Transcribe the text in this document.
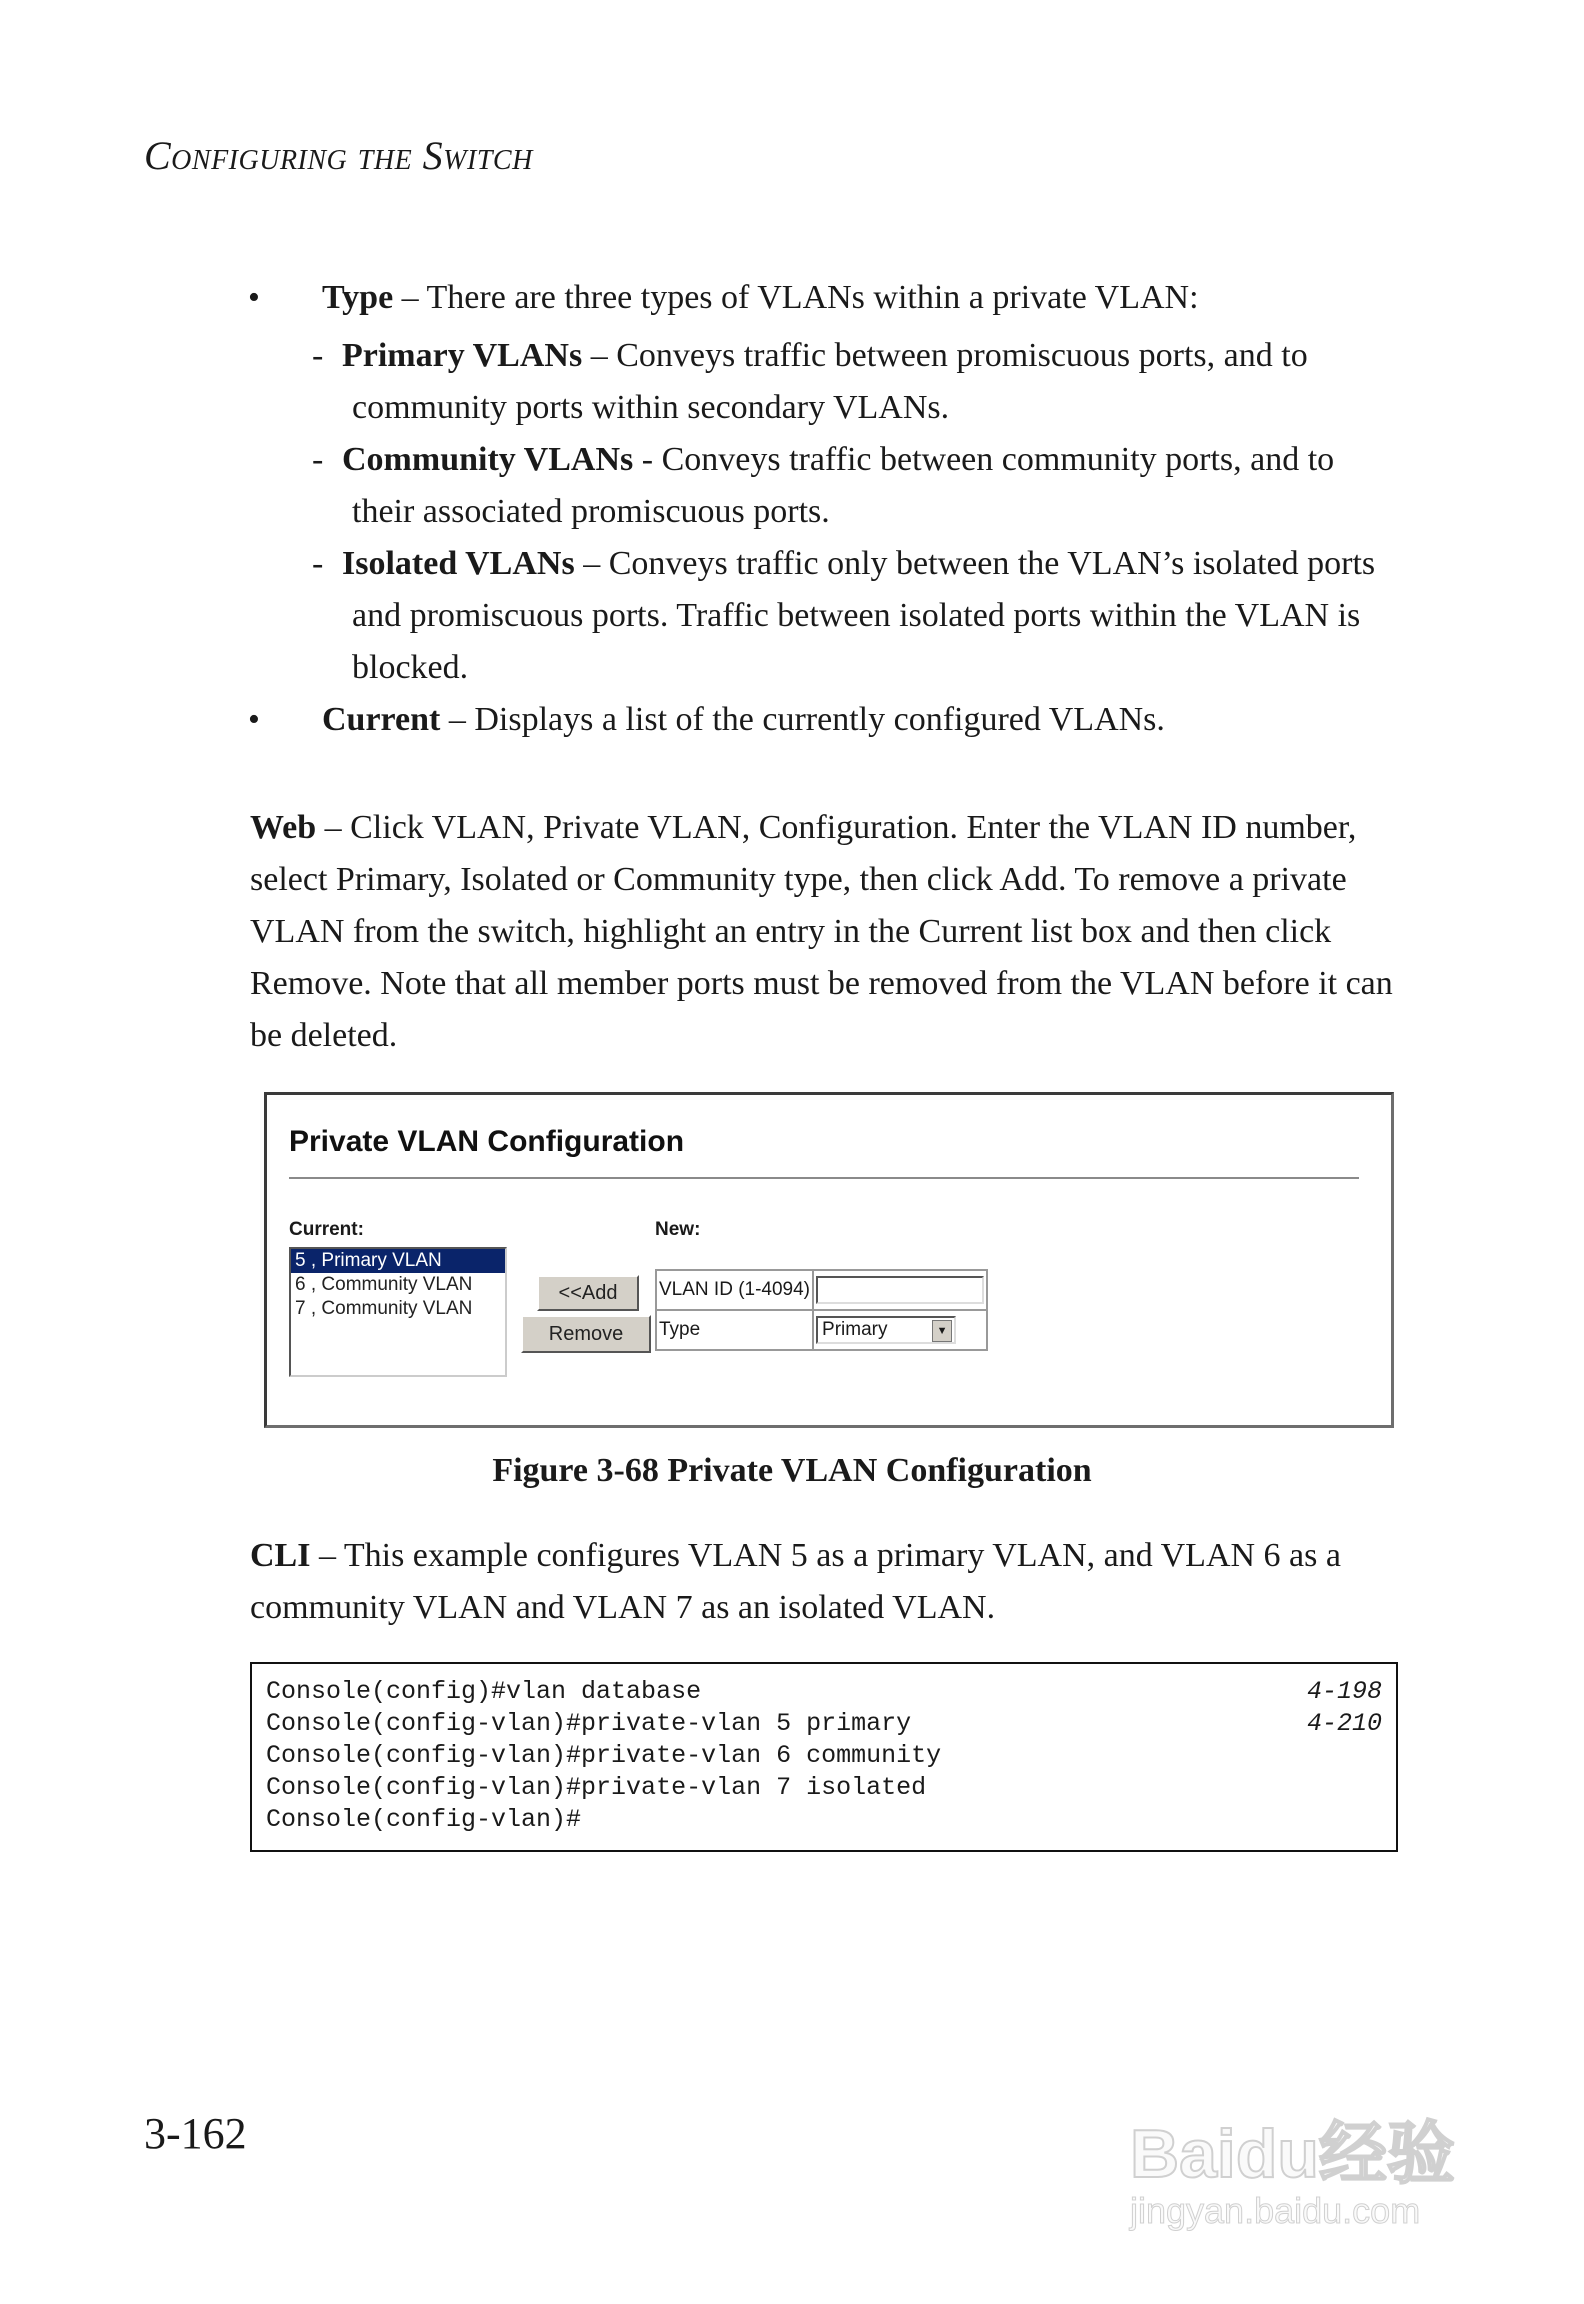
Configuring the Switch
• Type – There are three types of VLANs within a private VLAN:
- Primary VLANs – Conveys traffic between promiscuous ports, and to community ports within secondary VLANs.
- Community VLANs - Conveys traffic between community ports, and to their associated promiscuous ports.
- Isolated VLANs – Conveys traffic only between the VLAN’s isolated ports and promiscuous ports. Traffic between isolated ports within the VLAN is blocked.
• Current – Displays a list of the currently configured VLANs.
Web – Click VLAN, Private VLAN, Configuration. Enter the VLAN ID number, select Primary, Isolated or Community type, then click Add. To remove a private VLAN from the switch, highlight an entry in the Current list box and then click Remove. Note that all member ports must be removed from the VLAN before it can be deleted.
Private VLAN Configuration
Current:	New:
5 , Primary VLAN
6 , Community VLAN
7 , Community VLAN
<<Add
Remove
VLAN ID (1-4094)	
Type	Primary ▼
Figure 3-68 Private VLAN Configuration
CLI – This example configures VLAN 5 as a primary VLAN, and VLAN 6 as a community VLAN and VLAN 7 as an isolated VLAN.
Console(config)#vlan database	4-198
Console(config-vlan)#private-vlan 5 primary	4-210
Console(config-vlan)#private-vlan 6 community
Console(config-vlan)#private-vlan 7 isolated
Console(config-vlan)#
3-162	Baidu经验
jingyan.baidu.com
